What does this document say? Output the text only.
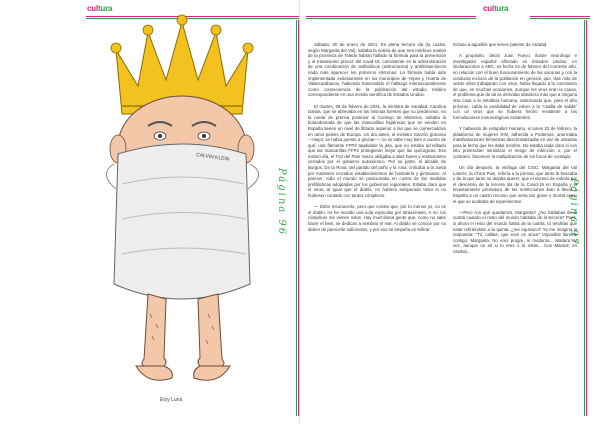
cultura
Página 96
CALVIN KLEIN
Eloy Luna
cultura
Página 97

Sábado, 30 de enero de 2021. En plena tercera ola (la cuarta, según Margarita del Val), saltaba la noticia de que tres médicos rurales de la provincia de Toledo habían hallado la fórmula para la prevención y el tratamiento precoz del covid-19, consistente en la administración de una combinación de antibióticos (azitromicina) y antihistamínicos nada más aparecer los primeros síntomas. La fórmula había sido implementada exitosamente en los municipios de Yepes y Huerta de Valdecarábanos, habiendo trascendido el hallazgo internacionalmente como consecuencia de la publicación del estudio médico correspondiente en una revista científica de Estados Unidos.

El martes, 09 de febrero de 2021, la ministra de Sanidad, Carolina Darias, que se abrevaba en las mismas fuentes que su predecesor, en la rueda de prensa posterior al Consejo de Ministros, soltaba la bolaodronada de que las mascarillas higiénicas que se venden en España tienen un nivel de filtrado superior a las que se comercializan en otros países de Europa. Un día antes, el ministro Garzón gracioso —mejor, se había puesto a graciar—, no se sabe muy bien a cuento de qué, una flamante FFP2 taqdodole la jeta, que no estaba acreditado que las mascarillas FFP2 protegieran mejor que las quirúrgicas. Ese mismo día, el TSJ del País Vasco obligaba a abrir bares y restaurantes cerrados por el gobierno autonómico. Por su parte, el alcalde de Burgos, De la Rosa, del partido del puño y la rosa, criticaba a la Junta por mantener cerrados establecimientos de hostelería y gimnasios. Al parecer, todo el mundo se posicionaba en contra de las medidas profilácticas adoptadas por los gobiernos regionales. Estaba claro que el virus, al igual que el diablo, no hubiera anisperado tanto si no hubiesen contado con tantos cómplices.

— Debo reconocerlo, pero que conste que, por lo menos yo, no sé el diablo, no he movido una sola espículas por atrasérmelo. A mí, los cómplices me vienen solos. Hay muchísima gente que, como no sabe hacer el bien, se dedican a sembrar el mal. Al diablo se conoce por no deben de parecerle suficientes, y por eso se empeña en teñirar

incluso a aquellos que tienen patente de caridad.

A propósito, decía Juan Fueyo, ilustre neurólogo e investigador español afincado en Estados Unidos, en declaraciones a ABC, en fecha 22 de febrero del corriente año, en relación con el buen funcionamiento de las vacunas y con la conducta incívica de la población en general, que, tras más de veinte años trabajando con virus, había llegado a la conclusión de que, en muchas ocasiones, aunque los virus eran la causa, el problema que de tal se derivaba obedecía más que a ninguna otra cosa a la estulticia humana, vaticinando que, para el año próximo, cabía la posibilidad de volver a la "casilla de salida" con un virus que se hubiera hecho resistente a las formulaciones inmunológicas existentes.

Y habiendo de estupidez humana, el lunes 22 de febrero, la plataforma de mujeres 8-M, adherida a Podemos, anunciaba manifestaciones feministas descentralizadas en vez de unitarias para la fecha que les daba nombre. No estaba nada claro si con ello pretendían minimizar el riesgo de infección o, por el contrario, favorecer la multiplicación de los focos de contagio.

Un día después, la viróloga del CSIC, Margarita del Val Latorre, la Chica Puni, refería a la prensa, que tanto la buscaba y de la que tanto se dejaba querer, que el exceso de euforia por el descenso de la tercera ola de la Covid-19 en España y el levantamiento prematuro de las restricciones iban a llevar a España a un cuarto recurso que sería tan grave y mortal como el que se acababa de experimentar.

—Pero con qué quedamos, Margarita? ¿No hablabas de la cuarta cuando el resto del mundo hablaba de la tercera? Pues, si ahora el resto del mundo había de la cuarta, tú tendrías que estar refiriéndote a la quinta, ¿me equivoco? Ya me imagino la respuesta: "Tú, callate, que eres un virus!" Imposible llamme contigo, Margarita. No eres progre, ni modorna... Madura tal vez, aunque no sé si lo eres o lo estás... Con Marisol, en cambio...
